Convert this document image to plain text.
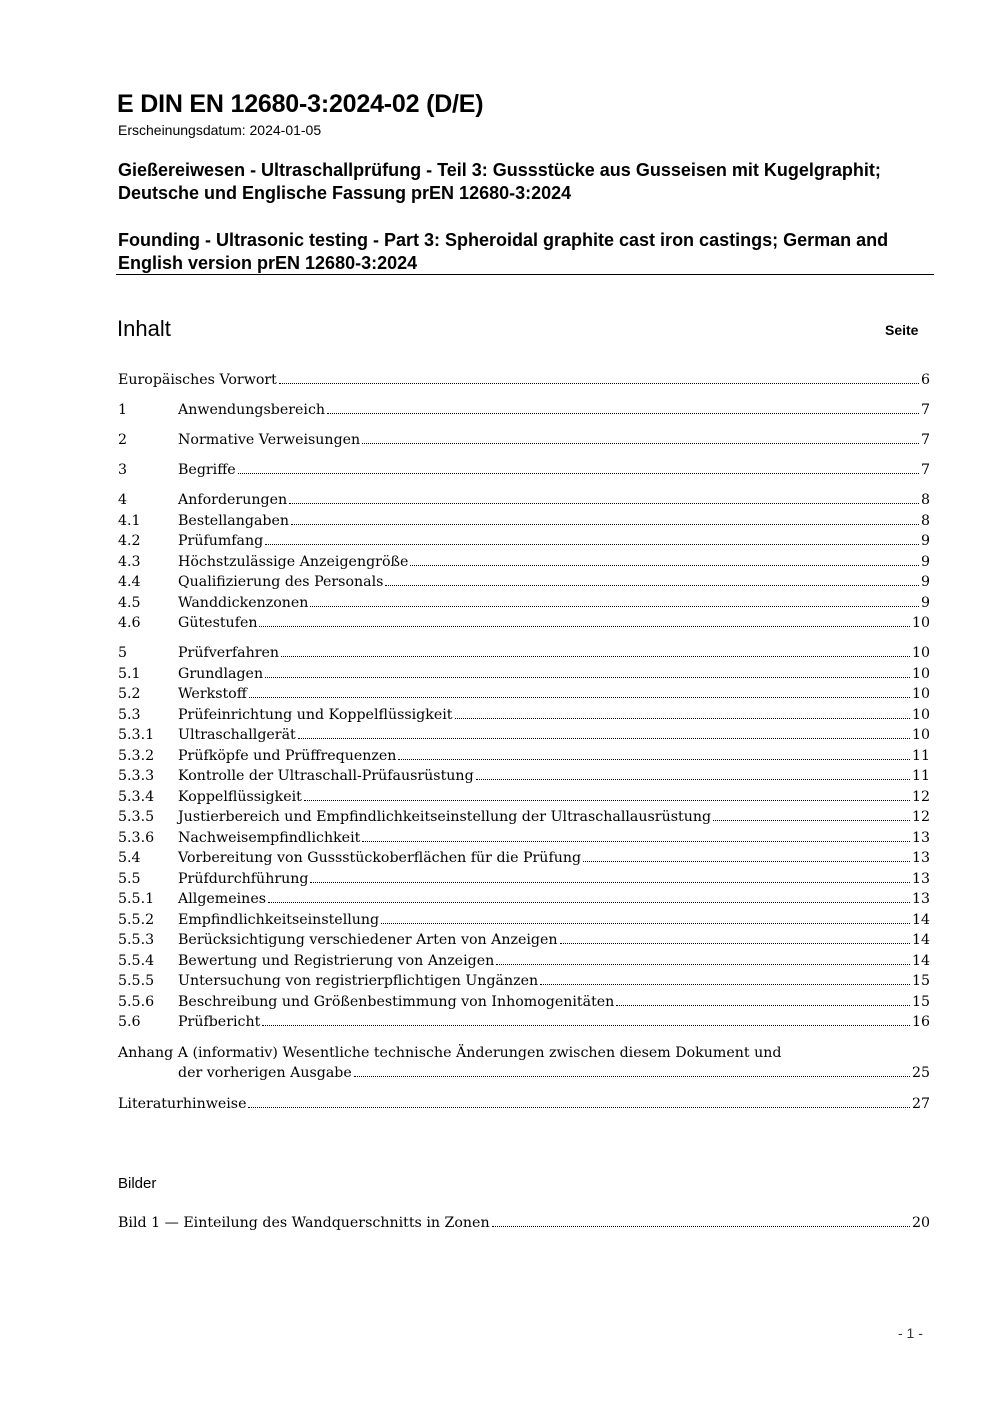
E DIN EN 12680-3:2024-02 (D/E)
Erscheinungsdatum: 2024-01-05
Gießereiwesen - Ultraschallprüfung - Teil 3: Gussstücke aus Gusseisen mit Kugelgraphit; Deutsche und Englische Fassung prEN 12680-3:2024
Founding - Ultrasonic testing - Part 3: Spheroidal graphite cast iron castings; German and English version prEN 12680-3:2024
Inhalt	Seite
Europäisches Vorwort	6
1	Anwendungsbereich	7
2	Normative Verweisungen	7
3	Begriffe	7
4	Anforderungen	8
4.1	Bestellangaben	8
4.2	Prüfumfang	9
4.3	Höchstzulässige Anzeigengröße	9
4.4	Qualifizierung des Personals	9
4.5	Wanddickenzonen	9
4.6	Gütestufen	10
5	Prüfverfahren	10
5.1	Grundlagen	10
5.2	Werkstoff	10
5.3	Prüfeinrichtung und Koppelflüssigkeit	10
5.3.1	Ultraschallgerät	10
5.3.2	Prüfköpfe und Prüffrequenzen	11
5.3.3	Kontrolle der Ultraschall-Prüfausrüstung	11
5.3.4	Koppelflüssigkeit	12
5.3.5	Justierbereich und Empfindlichkeitseinstellung der Ultraschallausrüstung	12
5.3.6	Nachweisempfindlichkeit	13
5.4	Vorbereitung von Gussstückoberflächen für die Prüfung	13
5.5	Prüfdurchführung	13
5.5.1	Allgemeines	13
5.5.2	Empfindlichkeitseinstellung	14
5.5.3	Berücksichtigung verschiedener Arten von Anzeigen	14
5.5.4	Bewertung und Registrierung von Anzeigen	14
5.5.5	Untersuchung von registrierpflichtigen Ungänzen	15
5.5.6	Beschreibung und Größenbestimmung von Inhomogenitäten	15
5.6	Prüfbericht	16
Anhang A (informativ) Wesentliche technische Änderungen zwischen diesem Dokument und
der vorherigen Ausgabe	25
Literaturhinweise	27
Bilder
Bild 1 — Einteilung des Wandquerschnitts in Zonen	20
- 1 -
